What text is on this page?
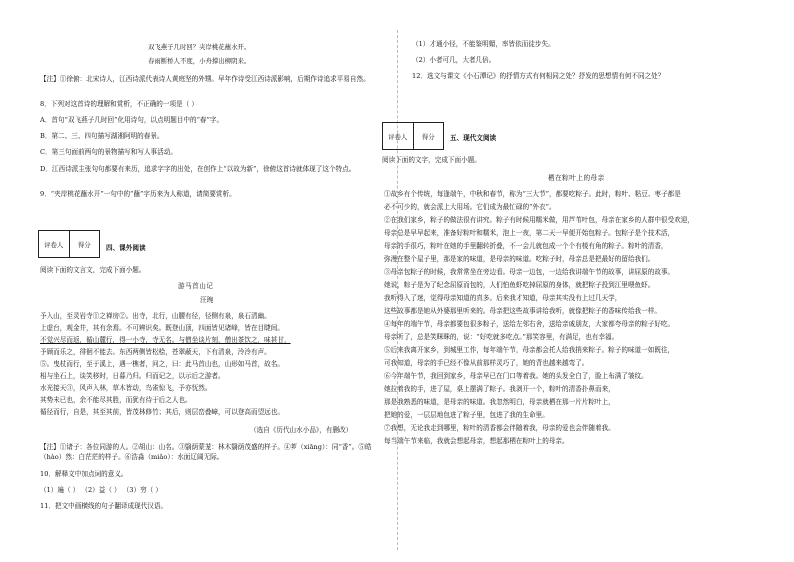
双飞燕子几时回？夹岸桃花蘸水开。
春雨断桥人不度，小舟撑出柳阴来。
【注】①徐俯：北宋诗人，江西诗派代表诗人黄庭坚的外甥。早年作诗受江西诗派影响，后期作诗追求平易自然。
8．下列对这首诗的理解和赏析，不正确的一项是（ ）
A．首句“双飞燕子几时回”化用诗句，以点明题目中的“春”字。
B．第二、三、四句描写湖湘阿明的春景。
C．第三句面前两句的景物描写和写人事活动。
D．江西诗派主张句句都要有来历，追求字字的出处，在创作上“以故为新”，徐俯这首诗就体现了这个特点。
9．“夹岸桃花蘸水开”一句中的“蘸”字历来为人称道，请简要赏析。
评卷人	得分	四、课外阅读
阅读下面的文言文，完成下面小题。
游马首山记
汪琬
予入山，至灵岩寺①之禅房②。出寺，北行，山腰有径，径侧有泉，泉石清幽。
上虚台，观金井，其有余焉。不可辨识矣。既登山顶，四面皆见诸峰，皆在目睫间。
不觉兴尽而返，循山麓行，得一小寺，寺无名。与僧坐谈片刻，僧出茶饮之，味甚甘，
予顾而乐之，徘徊不能去。东西两侧皆松桧，苍翠蔽天，下有清泉，泠泠有声。
⑤。曳杖而行，至于溪上，遇一樵者，问之，曰：此马首山也，山形如马首，故名。
相与坐石上，谈笑移时，日暮乃归。归而记之，以示后之游者。
水光接天③，风声入林，草木皆动，鸟雀惊飞，予亦怃然。
其势未已也，余不能尽其胜，而犹有待于后之人也。
循径而行，自是，其至其前，皆茂林修竹；其后，则层峦叠嶂，可以登高而望远也。
（选自《历代山水小品》，有删改）
【注】①诸子：各位同游的人。②胡山：山名。③翳荫蒙茏：林木翳荫茂盛的样子。④芗（xiāng）：同“香”。⑤皓（hào）然：白茫茫的样子。⑥浩淼（miǎo）：水面辽阔无际。
10．解释文中加点词的意义。
（1）遍（ ） （2）益（ ） （3）穷（ ）
11．把文中画横线的句子翻译成现代汉语。
（1）才通小径，不能鉴明媚，率皆依而徒步失。
（2）小者可几，大者几倍。
12．选文与课文《小石潭记》的抒情方式有何相同之处？抒发的思想情有何不同之处？
评卷人	得分	五、现代文阅读
阅读下面的文字，完成下面小题。
栖在粽叶上的母亲
①故乡有个传统，每逢端午，中秋和春节，称为“三大节”，都要吃粽子。此时，粽叶、粘豆、枣子都是
必不可少的，就会派上大用场。它们成为最忙碌的“外衣”。
②在我们家乡，粽子的做法很有讲究。粽子有时候用糯米做，用芦苇叶包，母亲在家乡的人群中很受欢迎，
母亲总是早早起来，准备好粽叶和糯米，泡上一夜，第二天一早便开始包粽子。包粽子是个技术活，
母亲的手很巧，粽叶在她的手里翻转折叠，不一会儿就包成一个个有棱有角的粽子。粽叶的清香，
弥漫在整个屋子里，那是家的味道，是母亲的味道。吃粽子时，母亲总是把最好的留给我们。
③母亲包粽子的时候，我常常坐在旁边看。母亲一边包，一边给我讲端午节的故事，讲屈原的故事。
她说，粽子是为了纪念屈原而包的，人们怕鱼虾吃掉屈原的身体，就把粽子投到江里喂鱼虾。
我听得入了迷，觉得母亲知道的真多。后来我才知道，母亲其实没有上过几天学，
这些故事都是她从外婆那里听来的。母亲把这些故事讲给我听，就像把粽子的香味传给我一样。
④每年的端午节，母亲都要包很多粽子，送给左邻右舍，送给亲戚朋友，大家都夸母亲的粽子好吃。
母亲听了，总是笑眯眯的，说：“好吃就多吃点。”那笑容里，有满足，也有幸福。
⑤后来我离开家乡，到城里工作，每年端午节，母亲都会托人给我捎来粽子。粽子的味道一如既往，
可我知道，母亲的手已经不像从前那样灵巧了，她的背也越来越弯了。
⑥今年端午节，我回到家乡，母亲早已在门口等着我。她的头发全白了，脸上布满了皱纹。
她拉着我的手，进了屋，桌上摆满了粽子。我剥开一个，粽叶的清香扑鼻而来，
那是我熟悉的味道，是母亲的味道。我忽然明白，母亲就栖在那一片片粽叶上，
把她的爱，一层层地包进了粽子里，包进了我的生命里。
⑦我想，无论我走到哪里，粽叶的清香都会伴随着我，母亲的爱也会伴随着我。
每当端午节来临，我就会想起母亲，想起那栖在粽叶上的母亲。
